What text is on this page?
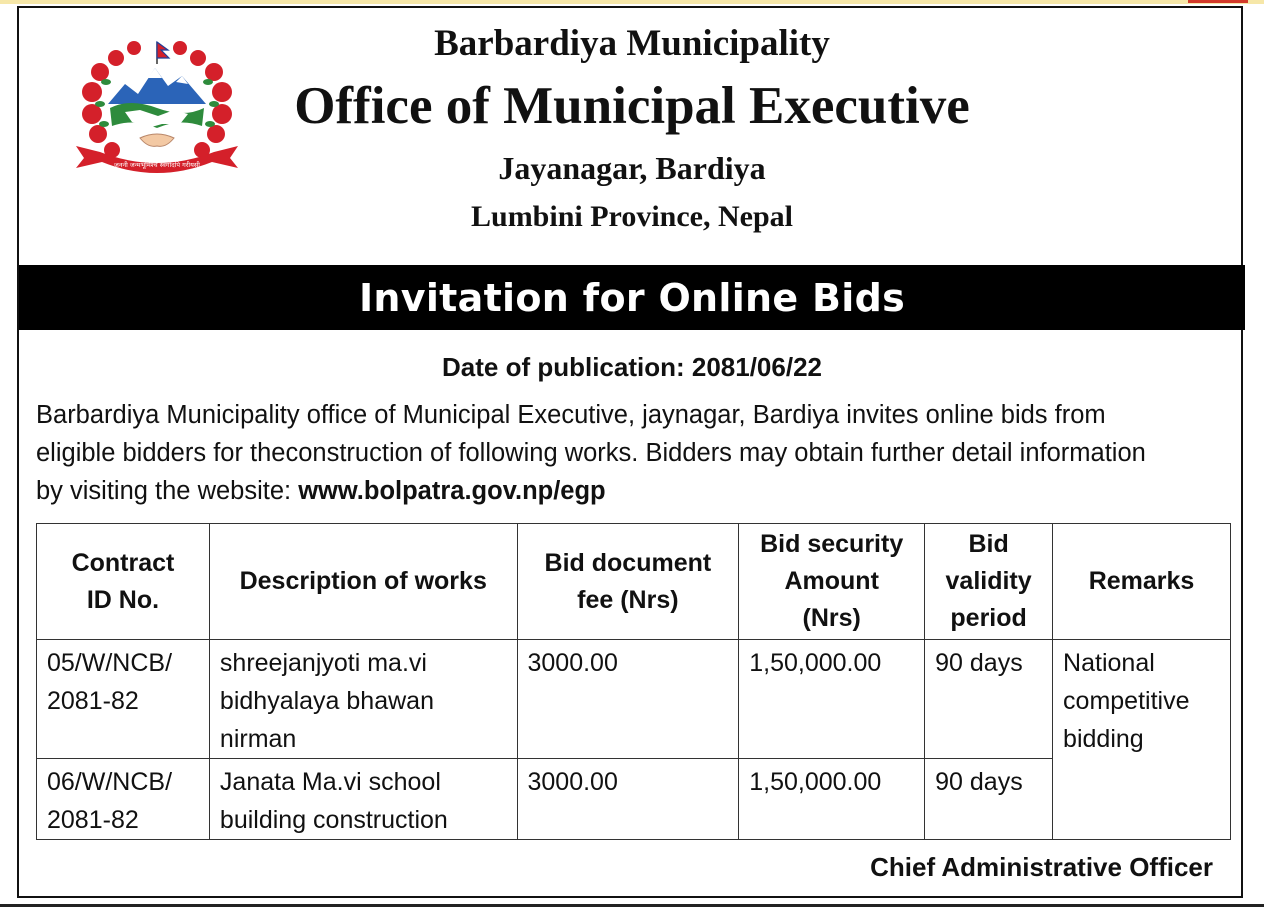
जननी जन्मभूमिश्च स्वर्गादपि गरीयसी
Barbardiya Municipality
Office of Municipal Executive
Jayanagar, Bardiya
Lumbini Province, Nepal
Invitation for Online Bids
Date of publication: 2081/06/22
Barbardiya Municipality office of Municipal Executive, jaynagar, Bardiya invites online bids from
eligible bidders for theconstruction of following works. Bidders may obtain further detail information
by visiting the website: www.bolpatra.gov.np/egp
Contract
ID No.	Description of works	Bid document
fee (Nrs)	Bid security
Amount
(Nrs)	Bid
validity
period	Remarks
05/W/NCB/
2081-82	shreejanjyoti ma.vi
bidhyalaya bhawan
nirman	3000.00	1,50,000.00	90 days	National
competitive
bidding
06/W/NCB/
2081-82	Janata Ma.vi school
building construction	3000.00	1,50,000.00	90 days	
Chief Administrative Officer
